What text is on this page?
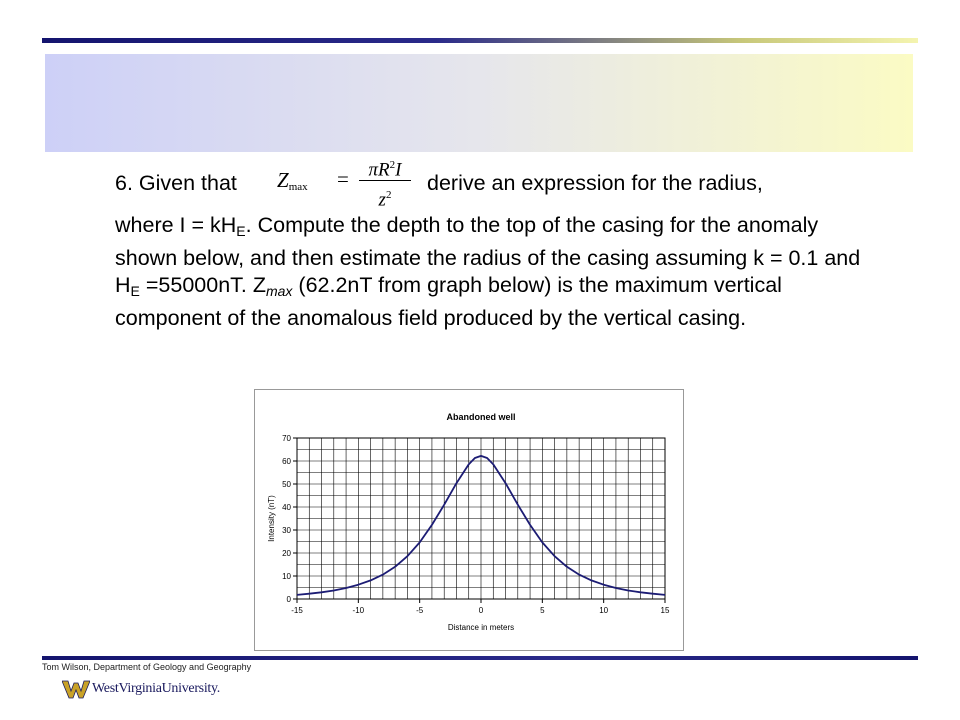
6. Given that $Z_{max}$ =	$\pi R^2I$
$z^2$	derive an expression for the radius,

where $I = kH_E$. Compute the depth to the top of the casing for the anomaly shown below, and then estimate the radius of the casing assuming k = 0.1 and $H_E =55000nT$. $Z_{max}$ (62.2nT from graph below) is the maximum vertical component of the anomalous field produced by the vertical casing.

-15	-10	-5	0	5	10	15
0
10
20
30
40
50
60
70
Abandoned well
Distance in meters
Intensity (nT)
Tom Wilson, Department of Geology and Geography
WestVirginiaUniversity.
